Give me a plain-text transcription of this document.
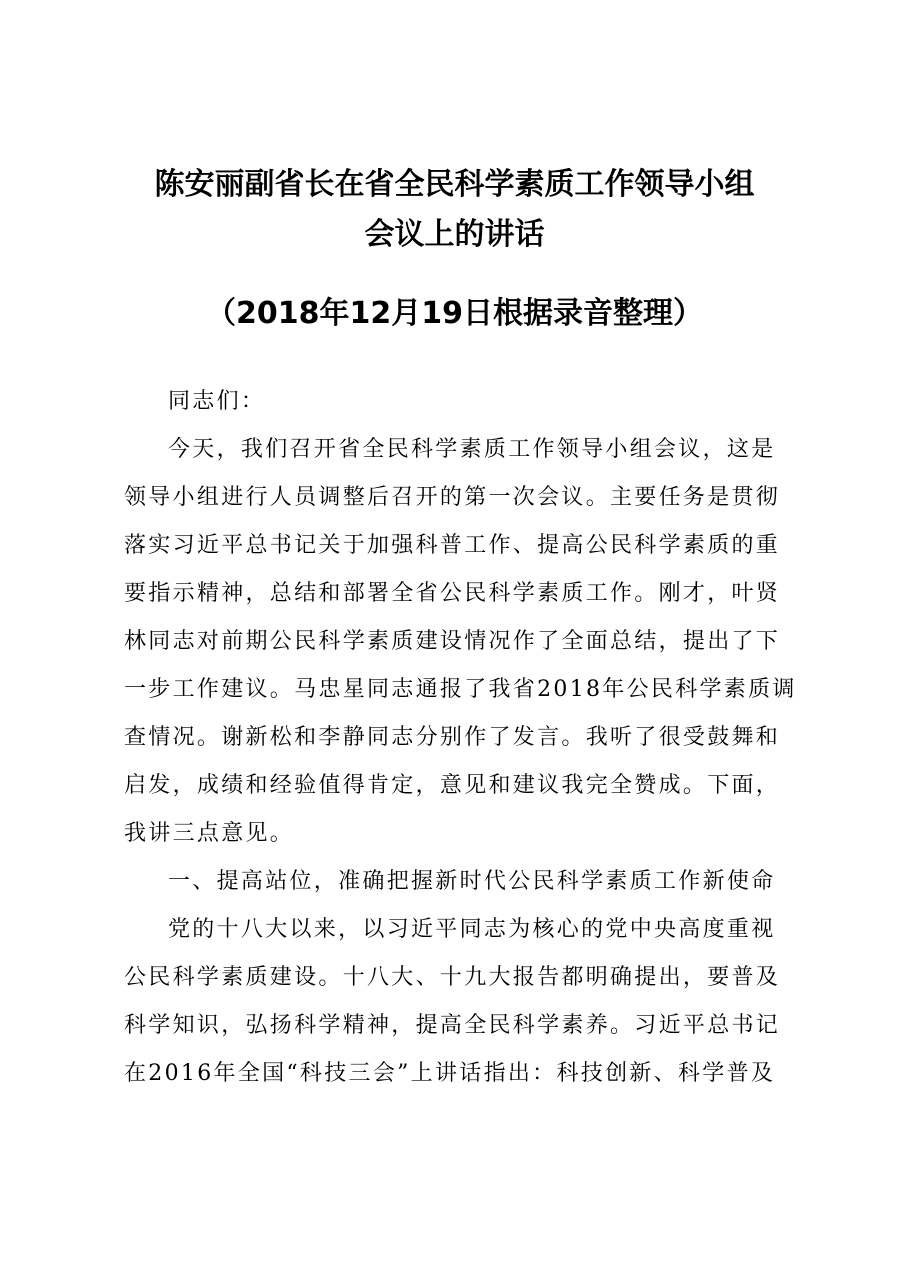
陈安丽副省长在省全民科学素质工作领导小组
会议上的讲话
（2018年12月19日根据录音整理）

同志们：

今天，我们召开省全民科学素质工作领导小组会议，这是
领导小组进行人员调整后召开的第一次会议。主要任务是贯彻
落实习近平总书记关于加强科普工作、提高公民科学素质的重
要指示精神，总结和部署全省公民科学素质工作。刚才，叶贤
林同志对前期公民科学素质建设情况作了全面总结，提出了下
一步工作建议。马忠星同志通报了我省2018年公民科学素质调
查情况。谢新松和李静同志分别作了发言。我听了很受鼓舞和
启发，成绩和经验值得肯定，意见和建议我完全赞成。下面，
我讲三点意见。

一、提高站位，准确把握新时代公民科学素质工作新使命

党的十八大以来，以习近平同志为核心的党中央高度重视
公民科学素质建设。十八大、十九大报告都明确提出，要普及
科学知识，弘扬科学精神，提高全民科学素养。习近平总书记
在2016年全国“科技三会”上讲话指出：科技创新、科学普及
